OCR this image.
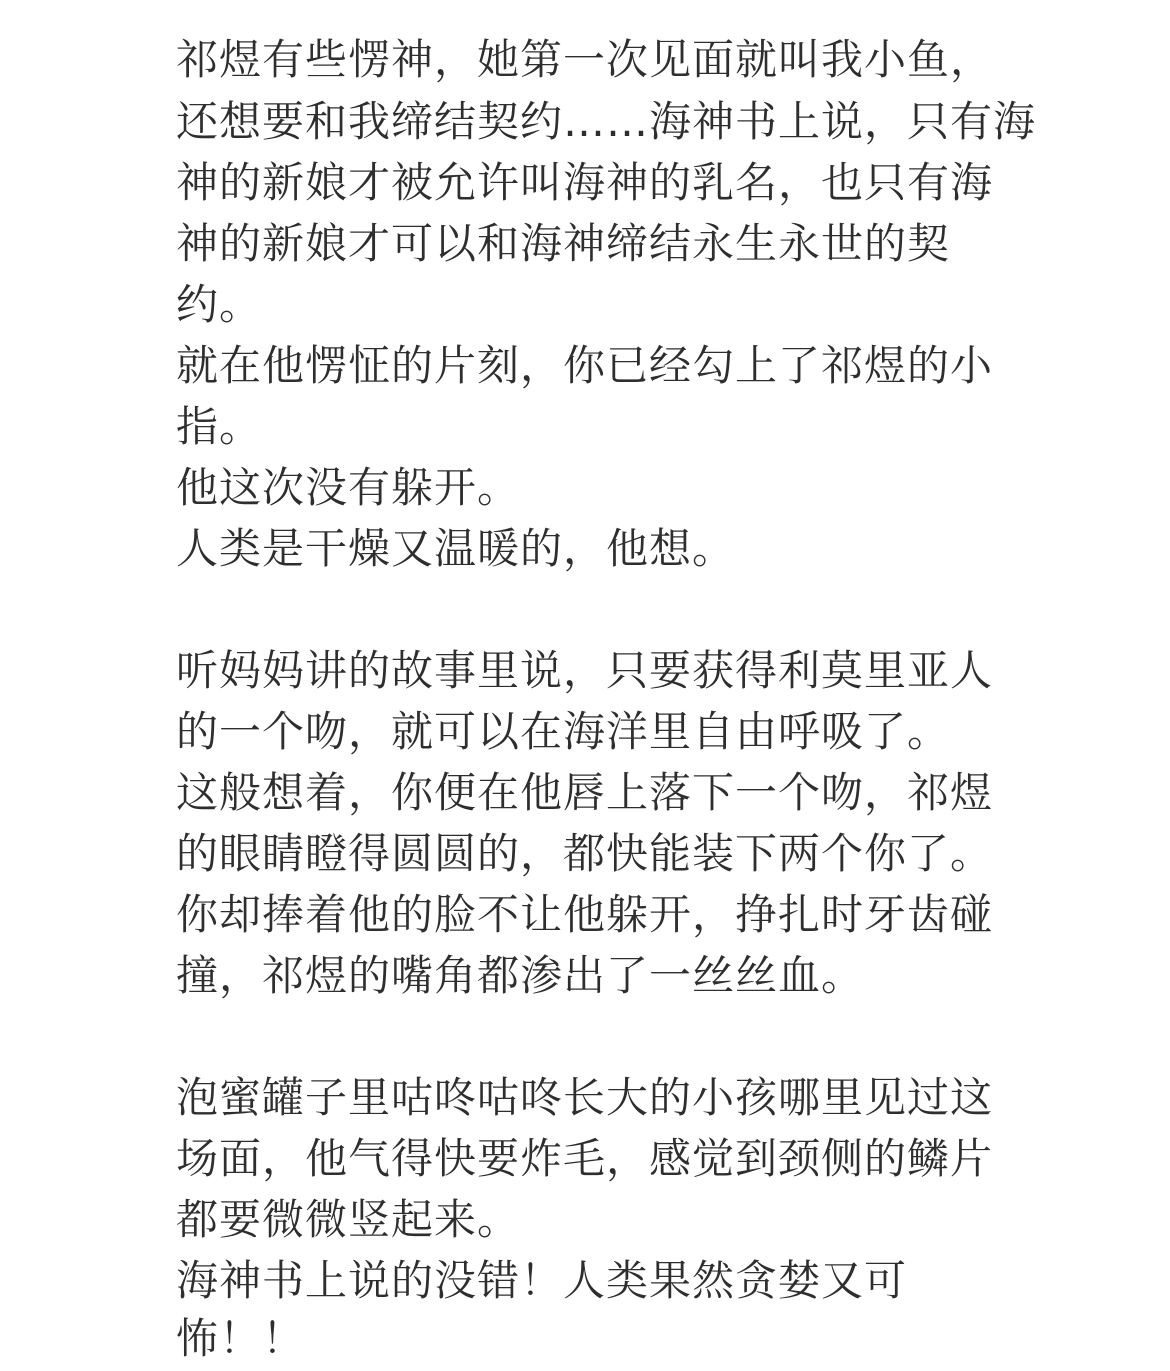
祁煜有些愣神，她第一次见面就叫我小鱼，
还想要和我缔结契约……海神书上说，只有海
神的新娘才被允许叫海神的乳名，也只有海
神的新娘才可以和海神缔结永生永世的契
约。
就在他愣怔的片刻，你已经勾上了祁煜的小
指。
他这次没有躲开。
人类是干燥又温暖的，他想。
听妈妈讲的故事里说，只要获得利莫里亚人
的一个吻，就可以在海洋里自由呼吸了。
这般想着，你便在他唇上落下一个吻，祁煜
的眼睛瞪得圆圆的，都快能装下两个你了。
你却捧着他的脸不让他躲开，挣扎时牙齿碰
撞，祁煜的嘴角都渗出了一丝丝血。
泡蜜罐子里咕咚咕咚长大的小孩哪里见过这
场面，他气得快要炸毛，感觉到颈侧的鳞片
都要微微竖起来。
海神书上说的没错！人类果然贪婪又可
怖！！
